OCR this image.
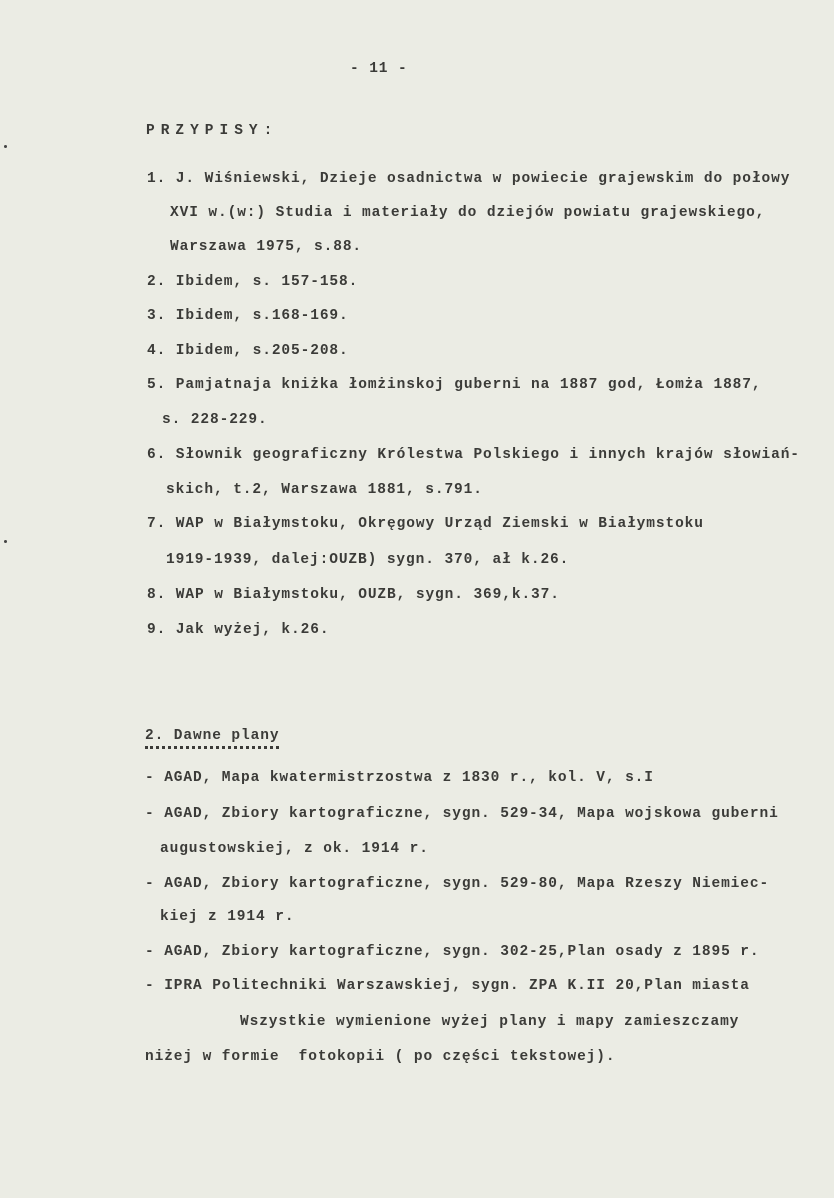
- 11 -
PRZYPISY:
1. J. Wiśniewski, Dzieje osadnictwa w powiecie grajewskim do połowy
XVI w.(w:) Studia i materiały do dziejów powiatu grajewskiego,
Warszawa 1975, s.88.
2. Ibidem, s. 157-158.
3. Ibidem, s.168-169.
4. Ibidem, s.205-208.
5. Pamjatnaja kniżka łomżinskoj guberni na 1887 god, Łomża 1887,
s. 228-229.
6. Słownik geograficzny Królestwa Polskiego i innych krajów słowiań-
skich, t.2, Warszawa 1881, s.791.
7. WAP w Białymstoku, Okręgowy Urząd Ziemski w Białymstoku
1919-1939, dalej:OUZB) sygn. 370, ał k.26.
8. WAP w Białymstoku, OUZB, sygn. 369,k.37.
9. Jak wyżej, k.26.
2. Dawne plany
- AGAD, Mapa kwatermistrzostwa z 1830 r., kol. V, s.I
- AGAD, Zbiory kartograficzne, sygn. 529-34, Mapa wojskowa guberni
augustowskiej, z ok. 1914 r.
- AGAD, Zbiory kartograficzne, sygn. 529-80, Mapa Rzeszy Niemiec-
kiej z 1914 r.
- AGAD, Zbiory kartograficzne, sygn. 302-25,Plan osady z 1895 r.
- IPRA Politechniki Warszawskiej, sygn. ZPA K.II 20,Plan miasta
Wszystkie wymienione wyżej plany i mapy zamieszczamy
niżej w formie  fotokopii ( po części tekstowej).
